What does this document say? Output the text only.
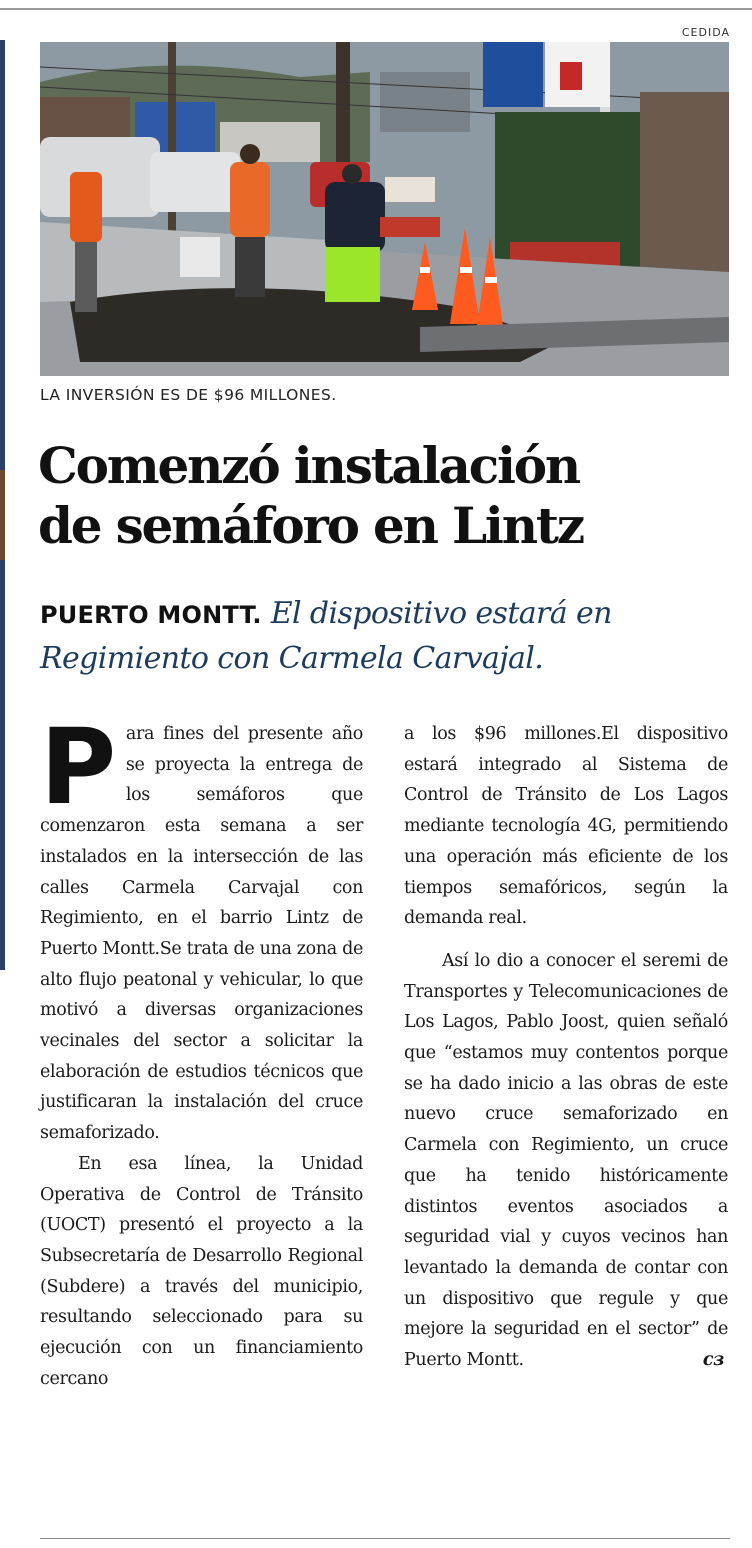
CEDIDA
LA INVERSIÓN ES DE $96 MILLONES.
Comenzó instalación
de semáforo en Lintz
PUERTO MONTT. El dispositivo estará en Regimiento con Carmela Carvajal.

Para fines del presente año se proyecta la entrega de los semáforos que comenzaron esta semana a ser instalados en la intersección de las calles Carmela Carvajal con Regimiento, en el barrio Lintz de Puerto Montt.Se trata de una zona de alto flujo peatonal y vehicular, lo que motivó a diversas organizaciones vecinales del sector a solicitar la elaboración de estudios técnicos que justificaran la instalación del cruce semaforizado.

En esa línea, la Unidad Operativa de Control de Tránsito (UOCT) presentó el proyecto a la Subsecretaría de Desarrollo Regional (Subdere) a través del municipio, resultando seleccionado para su ejecución con un financiamiento cercano

a los $96 millones.El dispositivo estará integrado al Sistema de Control de Tránsito de Los Lagos mediante tecnología 4G, permitiendo una operación más eficiente de los tiempos semafóricos, según la demanda real.

Así lo dio a conocer el seremi de Transportes y Telecomunicaciones de Los Lagos, Pablo Joost, quien señaló que “estamos muy contentos porque se ha dado inicio a las obras de este nuevo cruce semaforizado en Carmela con Regimiento, un cruce que ha tenido históricamente distintos eventos asociados a seguridad vial y cuyos vecinos han levantado la demanda de contar con un dispositivo que regule y que mejore la seguridad en el sector” de Puerto Montt.	cз
